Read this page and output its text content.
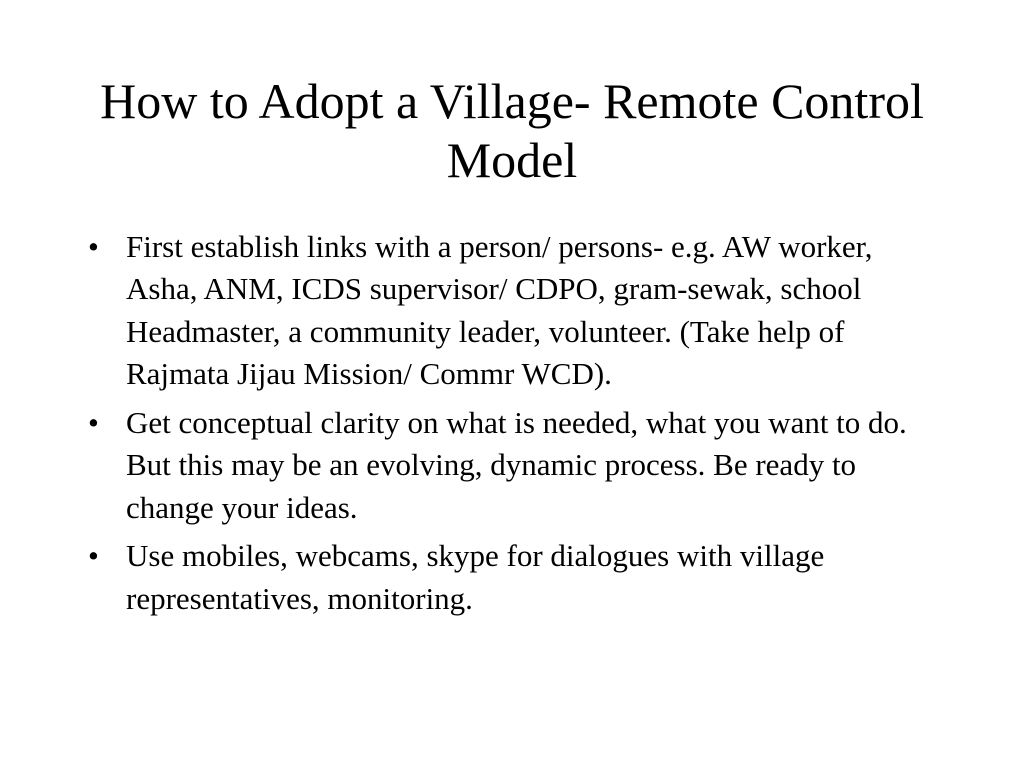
How to Adopt a Village- Remote Control Model
• First establish links with a person/ persons- e.g. AW worker, Asha, ANM, ICDS supervisor/ CDPO, gram-sewak, school Headmaster, a community leader, volunteer. (Take help of Rajmata Jijau Mission/ Commr WCD).
• Get conceptual clarity on what is needed, what you want to do. But this may be an evolving, dynamic process. Be ready to change your ideas.
• Use mobiles, webcams, skype for dialogues with village representatives, monitoring.
